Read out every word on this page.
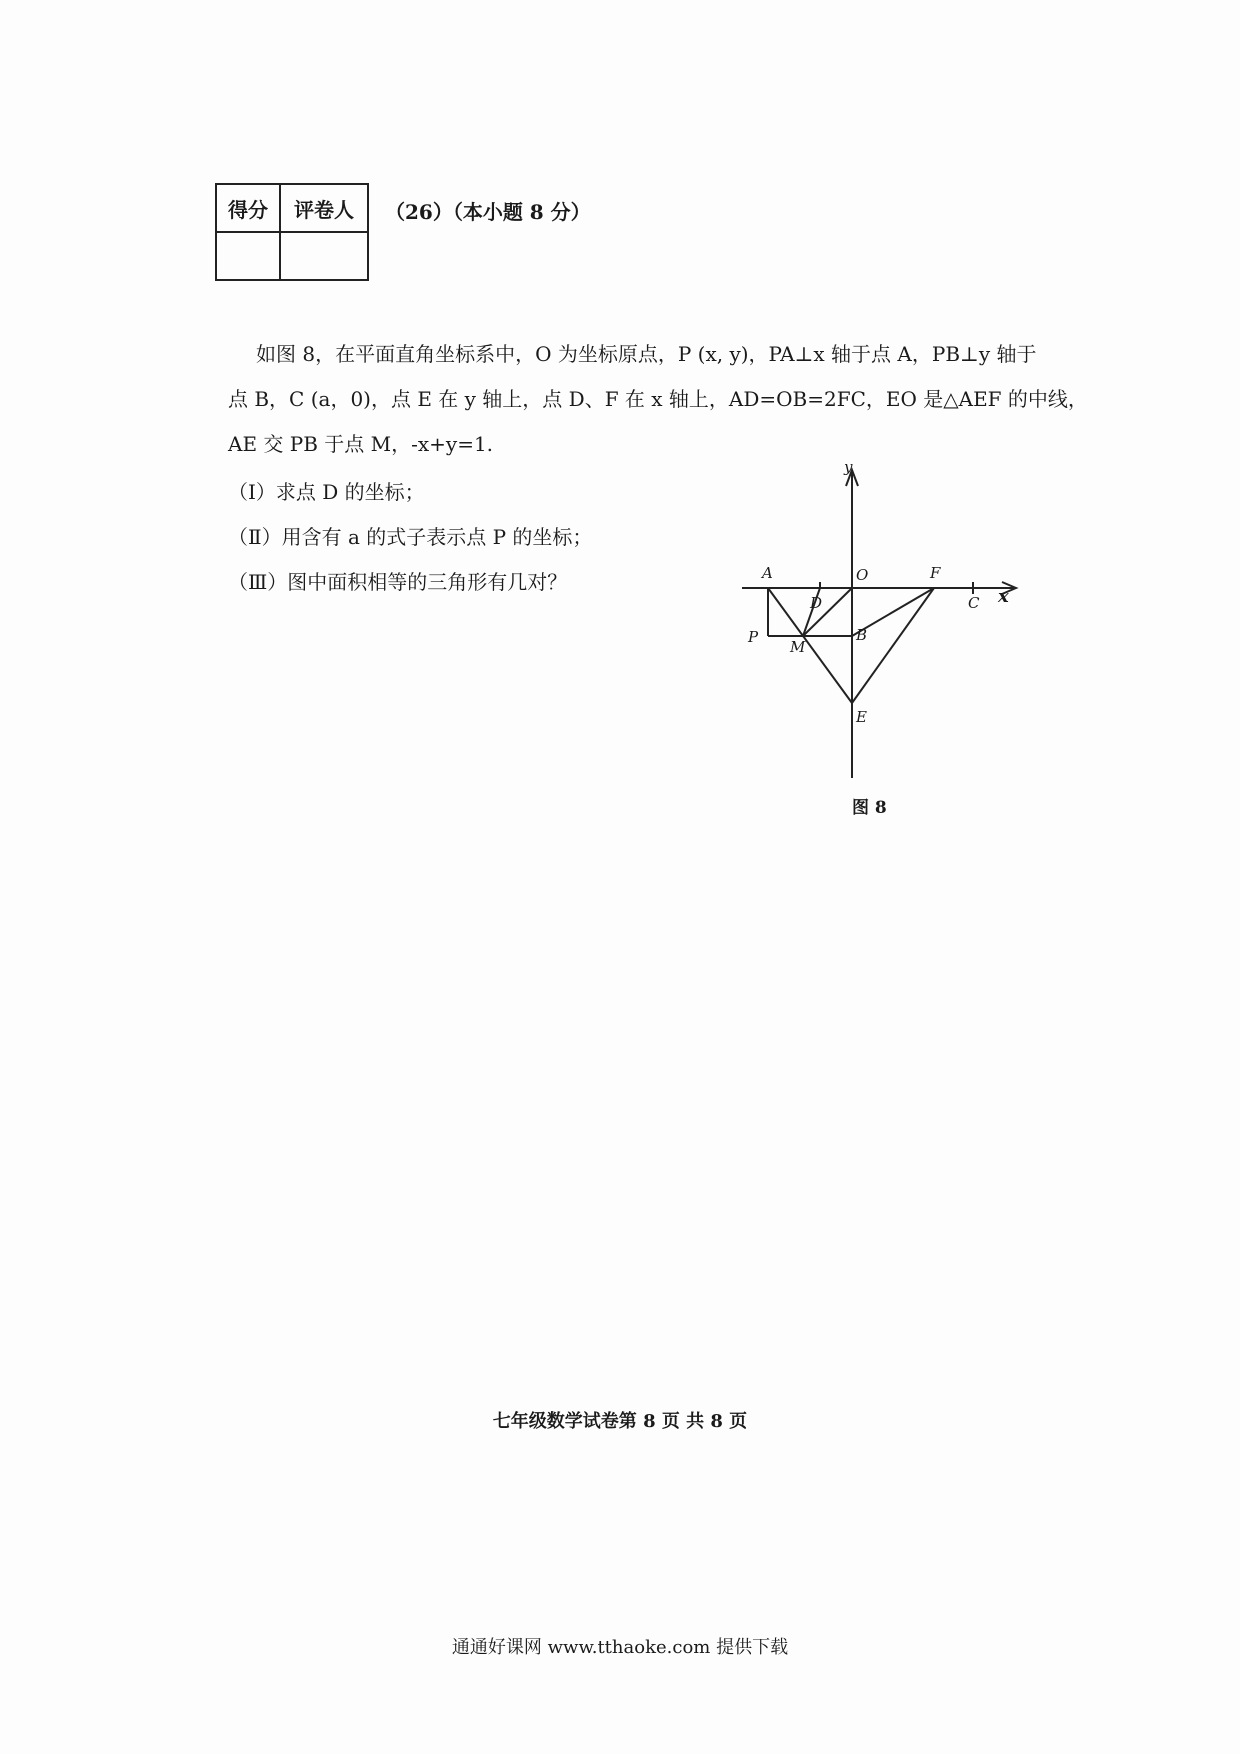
得分	评卷人
	（26）（本小题 8 分）
如图 8，在平面直角坐标系中，O 为坐标原点，P (x, y)，PA⊥x 轴于点 A，PB⊥y 轴于
点 B，C (a，0)，点 E 在 y 轴上，点 D、F 在 x 轴上，AD=OB=2FC，EO 是△AEF 的中线，
AE 交 PB 于点 M，-x+y=1.
（Ⅰ）求点 D 的坐标；
（Ⅱ）用含有 a 的式子表示点 P 的坐标；
（Ⅲ）图中面积相等的三角形有几对？
y
x
A
D
O	F
C
P
M
B
E
图 8
七年级数学试卷第 8 页 共 8 页
通通好课网 www.tthaoke.com 提供下载
